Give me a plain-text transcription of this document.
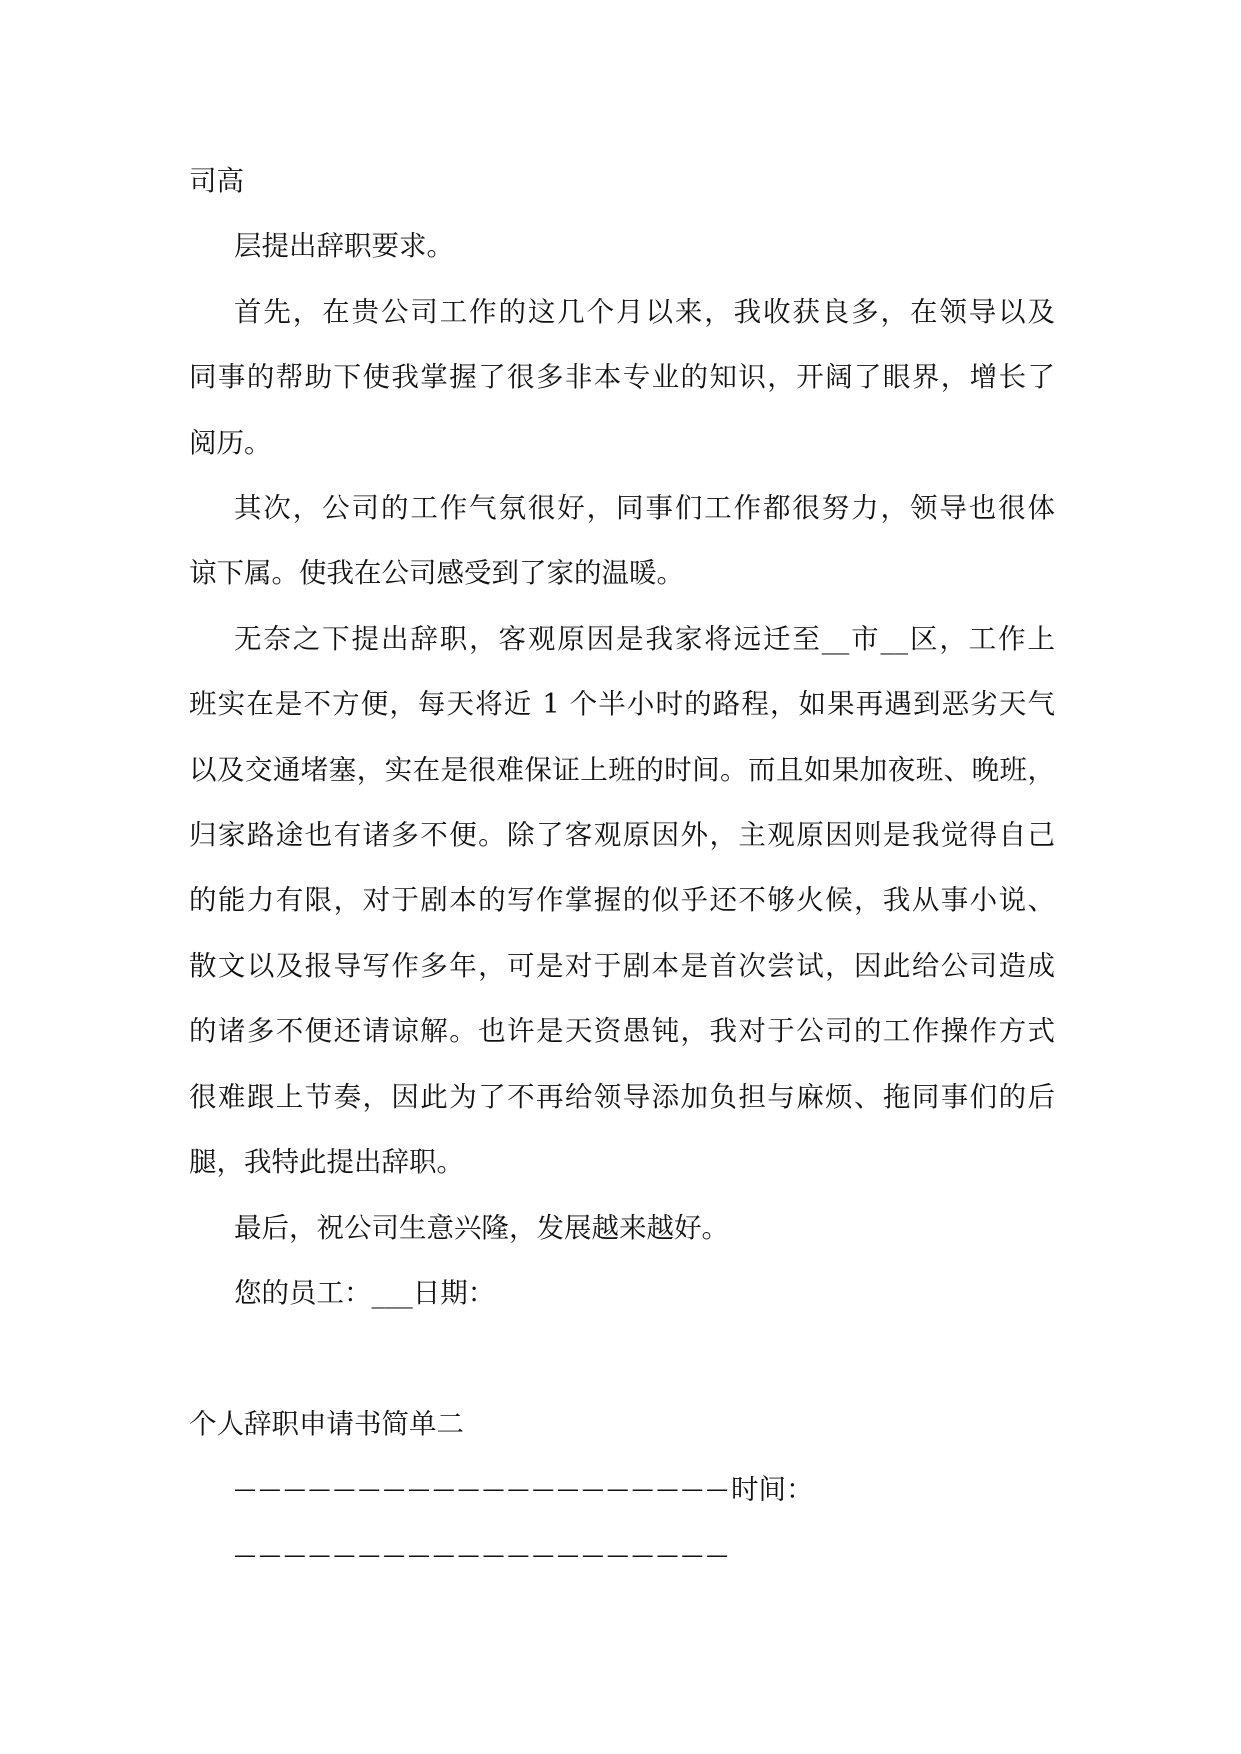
司高
层提出辞职要求。
首先，在贵公司工作的这几个月以来，我收获良多，在领导以及
同事的帮助下使我掌握了很多非本专业的知识，开阔了眼界，增长了
阅历。
其次，公司的工作气氛很好，同事们工作都很努力，领导也很体
谅下属。使我在公司感受到了家的温暖。
无奈之下提出辞职，客观原因是我家将远迁至__市__区，工作上
班实在是不方便，每天将近 1 个半小时的路程，如果再遇到恶劣天气
以及交通堵塞，实在是很难保证上班的时间。而且如果加夜班、晚班，
归家路途也有诸多不便。除了客观原因外，主观原因则是我觉得自己
的能力有限，对于剧本的写作掌握的似乎还不够火候，我从事小说、
散文以及报导写作多年，可是对于剧本是首次尝试，因此给公司造成
的诸多不便还请谅解。也许是天资愚钝，我对于公司的工作操作方式
很难跟上节奏，因此为了不再给领导添加负担与麻烦、拖同事们的后
腿，我特此提出辞职。
最后，祝公司生意兴隆，发展越来越好。
您的员工：___日期：
个人辞职申请书简单二
————————————————————时间：
————————————————————
